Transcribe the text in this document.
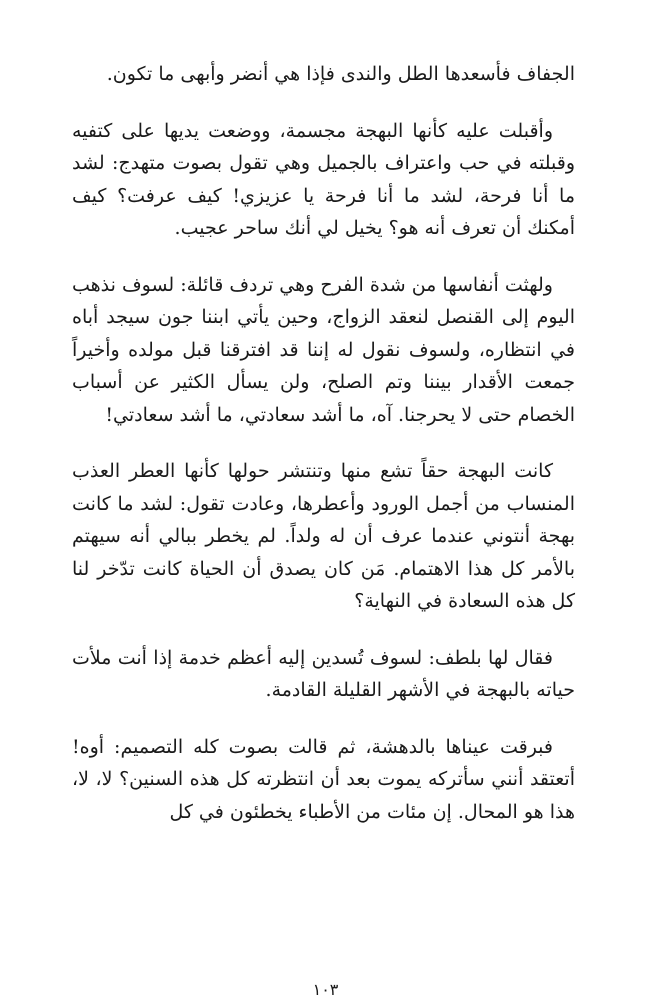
الجفاف فأسعدها الطل والندى فإذا هي أنضر وأبهى ما تكون.

وأقبلت عليه كأنها البهجة مجسمة، ووضعت يديها على كتفيه وقبلته في حب واعتراف بالجميل وهي تقول بصوت متهدج: لشد ما أنا فرحة، لشد ما أنا فرحة يا عزيزي! كيف عرفت؟ كيف أمكنك أن تعرف أنه هو؟ يخيل لي أنك ساحر عجيب.

ولهثت أنفاسها من شدة الفرح وهي تردف قائلة: لسوف نذهب اليوم إلى القنصل لنعقد الزواج، وحين يأتي ابننا جون سيجد أباه في انتظاره، ولسوف نقول له إننا قد افترقنا قبل مولده وأخيراً جمعت الأقدار بيننا وتم الصلح، ولن يسأل الكثير عن أسباب الخصام حتى لا يحرجنا. آه، ما أشد سعادتي، ما أشد سعادتي!

كانت البهجة حقاً تشع منها وتنتشر حولها كأنها العطر العذب المنساب من أجمل الورود وأعطرها، وعادت تقول: لشد ما كانت بهجة أنتوني عندما عرف أن له ولداً. لم يخطر ببالي أنه سيهتم بالأمر كل هذا الاهتمام. مَن كان يصدق أن الحياة كانت تدّخر لنا كل هذه السعادة في النهاية؟

فقال لها بلطف: لسوف تُسدين إليه أعظم خدمة إذا أنت ملأت حياته بالبهجة في الأشهر القليلة القادمة.

فبرقت عيناها بالدهشة، ثم قالت بصوت كله التصميم: أوه! أتعتقد أنني سأتركه يموت بعد أن انتظرته كل هذه السنين؟ لا، لا، هذا هو المحال. إن مئات من الأطباء يخطئون في كل

١٠٣
